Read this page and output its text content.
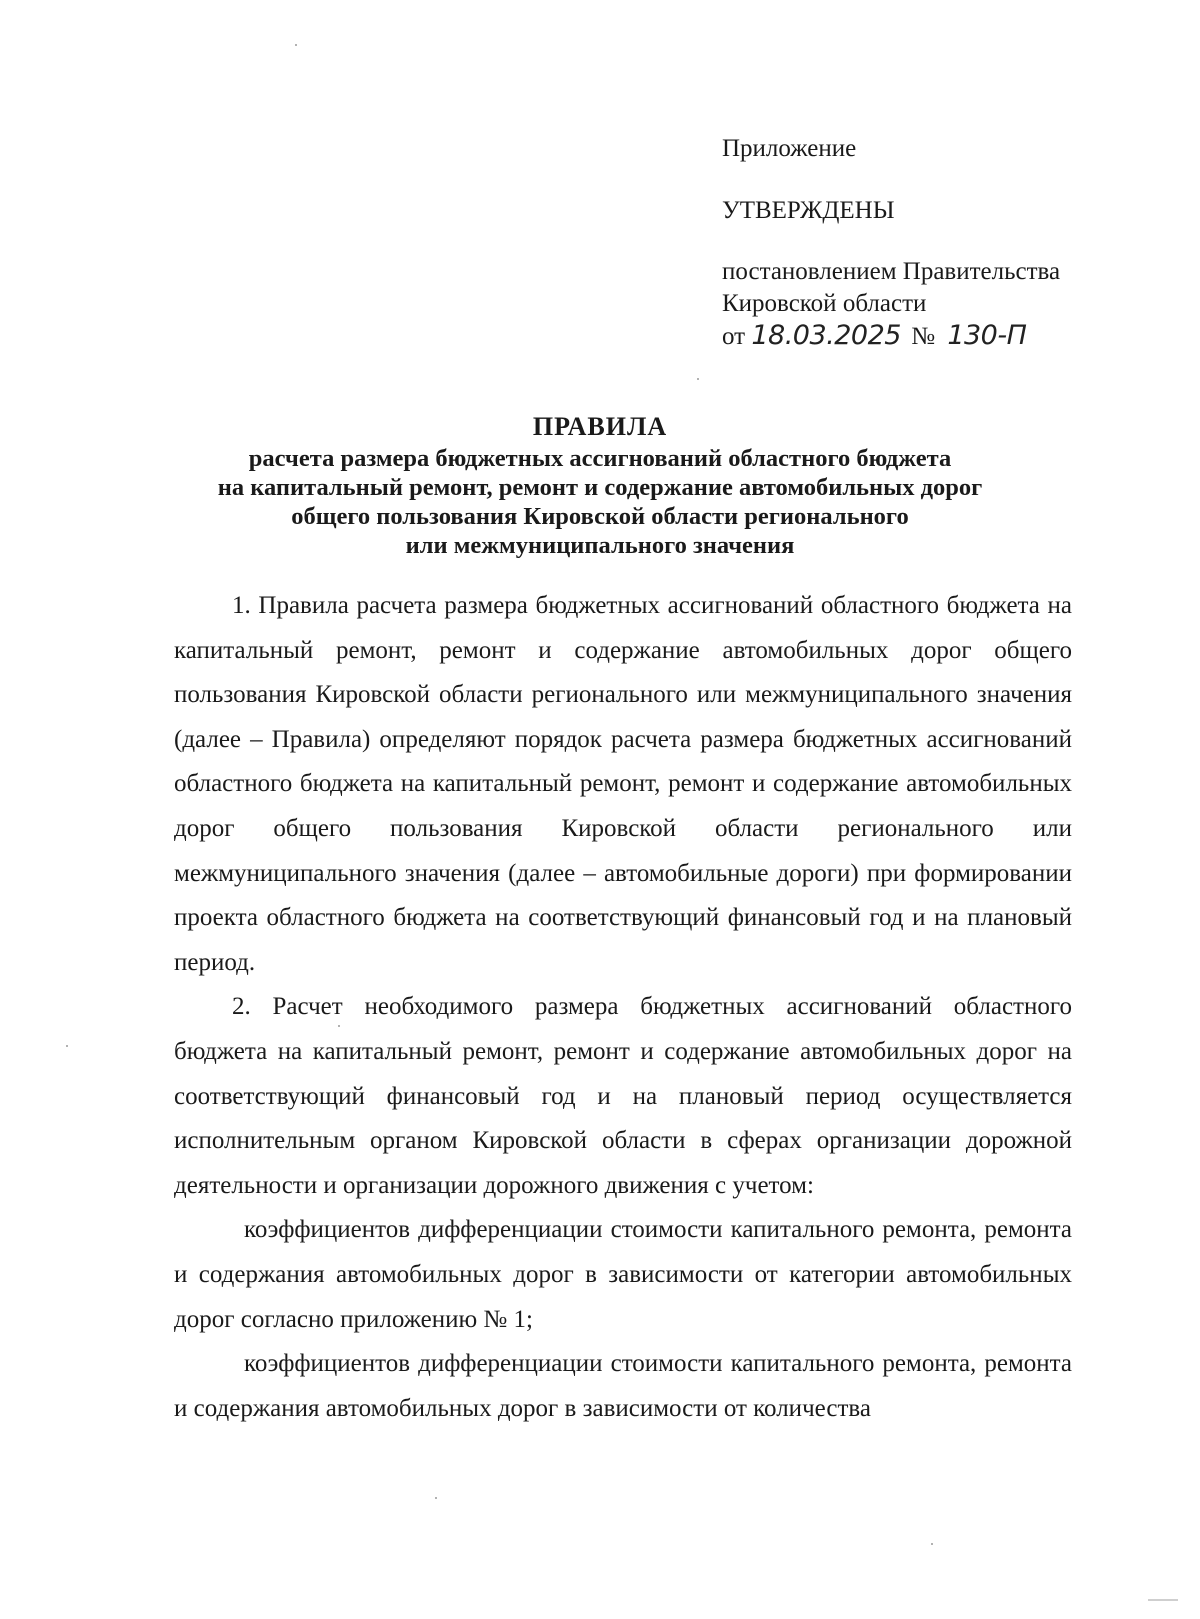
Приложение
УТВЕРЖДЕНЫ
постановлением Правительства
Кировской области
от 18.03.2025 № 130-П
ПРАВИЛА
расчета размера бюджетных ассигнований областного бюджета
на капитальный ремонт, ремонт и содержание автомобильных дорог
общего пользования Кировской области регионального
или межмуниципального значения

1. Правила расчета размера бюджетных ассигнований областного бюджета на капитальный ремонт, ремонт и содержание автомобильных дорог общего пользования Кировской области регионального или межмуниципального значения (далее – Правила) определяют порядок расчета размера бюджетных ассигнований областного бюджета на капитальный ремонт, ремонт и содержание автомобильных дорог общего пользования Кировской области регионального или межмуниципального значения (далее – автомобильные дороги) при формировании проекта областного бюджета на соответствующий финансовый год и на плановый период.

2. Расчет необходимого размера бюджетных ассигнований областного бюджета на капитальный ремонт, ремонт и содержание автомобильных дорог на соответствующий финансовый год и на плановый период осуществляется исполнительным органом Кировской области в сферах организации дорожной деятельности и организации дорожного движения с учетом:

коэффициентов дифференциации стоимости капитального ремонта, ремонта и содержания автомобильных дорог в зависимости от категории автомобильных дорог согласно приложению № 1;

коэффициентов дифференциации стоимости капитального ремонта, ремонта и содержания автомобильных дорог в зависимости от количества
